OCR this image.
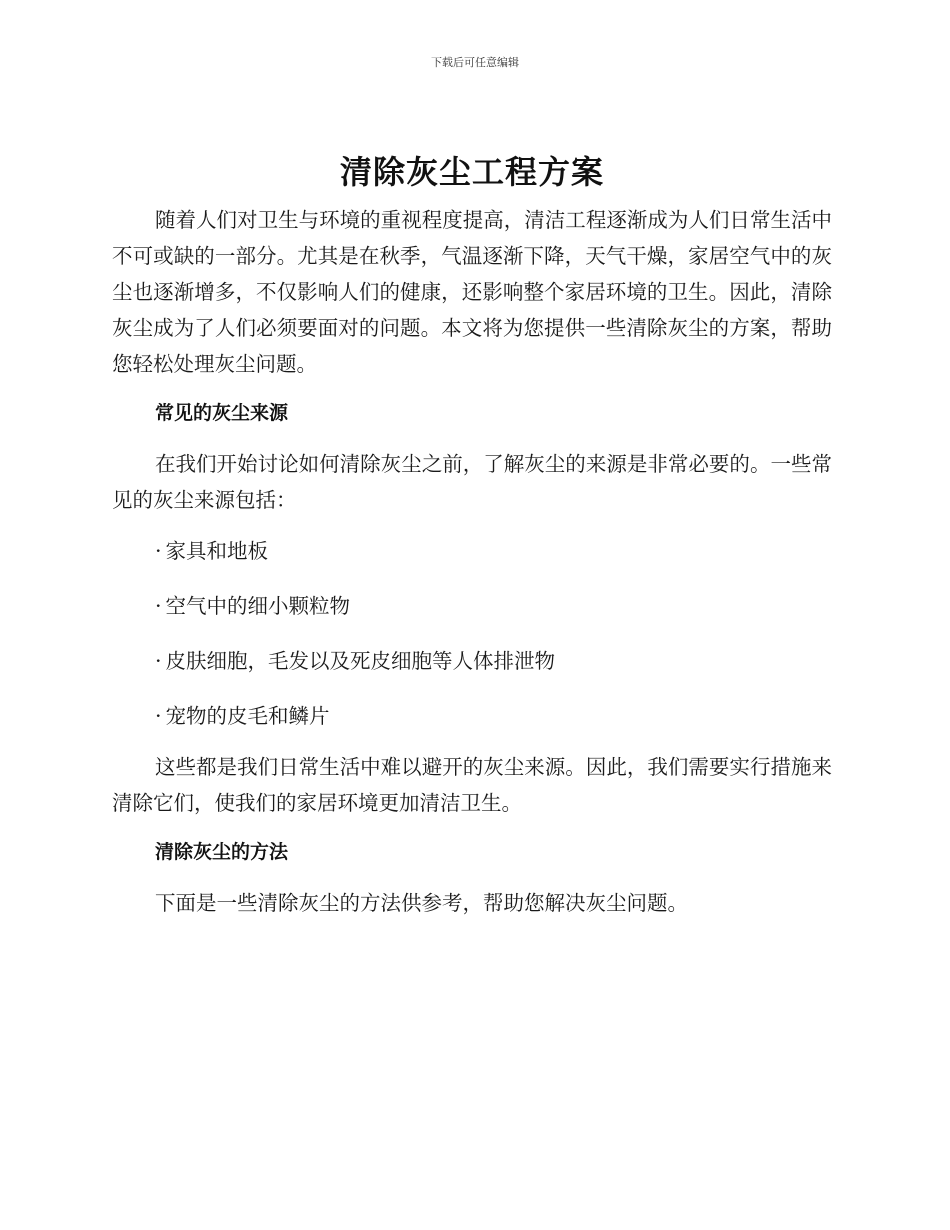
下载后可任意编辑
清除灰尘工程方案

随着人们对卫生与环境的重视程度提高，清洁工程逐渐成为人们日常生活中不可或缺的一部分。尤其是在秋季，气温逐渐下降，天气干燥，家居空气中的灰尘也逐渐增多，不仅影响人们的健康，还影响整个家居环境的卫生。因此，清除灰尘成为了人们必须要面对的问题。本文将为您提供一些清除灰尘的方案，帮助您轻松处理灰尘问题。

常见的灰尘来源

在我们开始讨论如何清除灰尘之前，了解灰尘的来源是非常必要的。一些常见的灰尘来源包括：

· 家具和地板
· 空气中的细小颗粒物
· 皮肤细胞，毛发以及死皮细胞等人体排泄物
· 宠物的皮毛和鳞片

这些都是我们日常生活中难以避开的灰尘来源。因此，我们需要实行措施来清除它们，使我们的家居环境更加清洁卫生。

清除灰尘的方法

下面是一些清除灰尘的方法供参考，帮助您解决灰尘问题。
